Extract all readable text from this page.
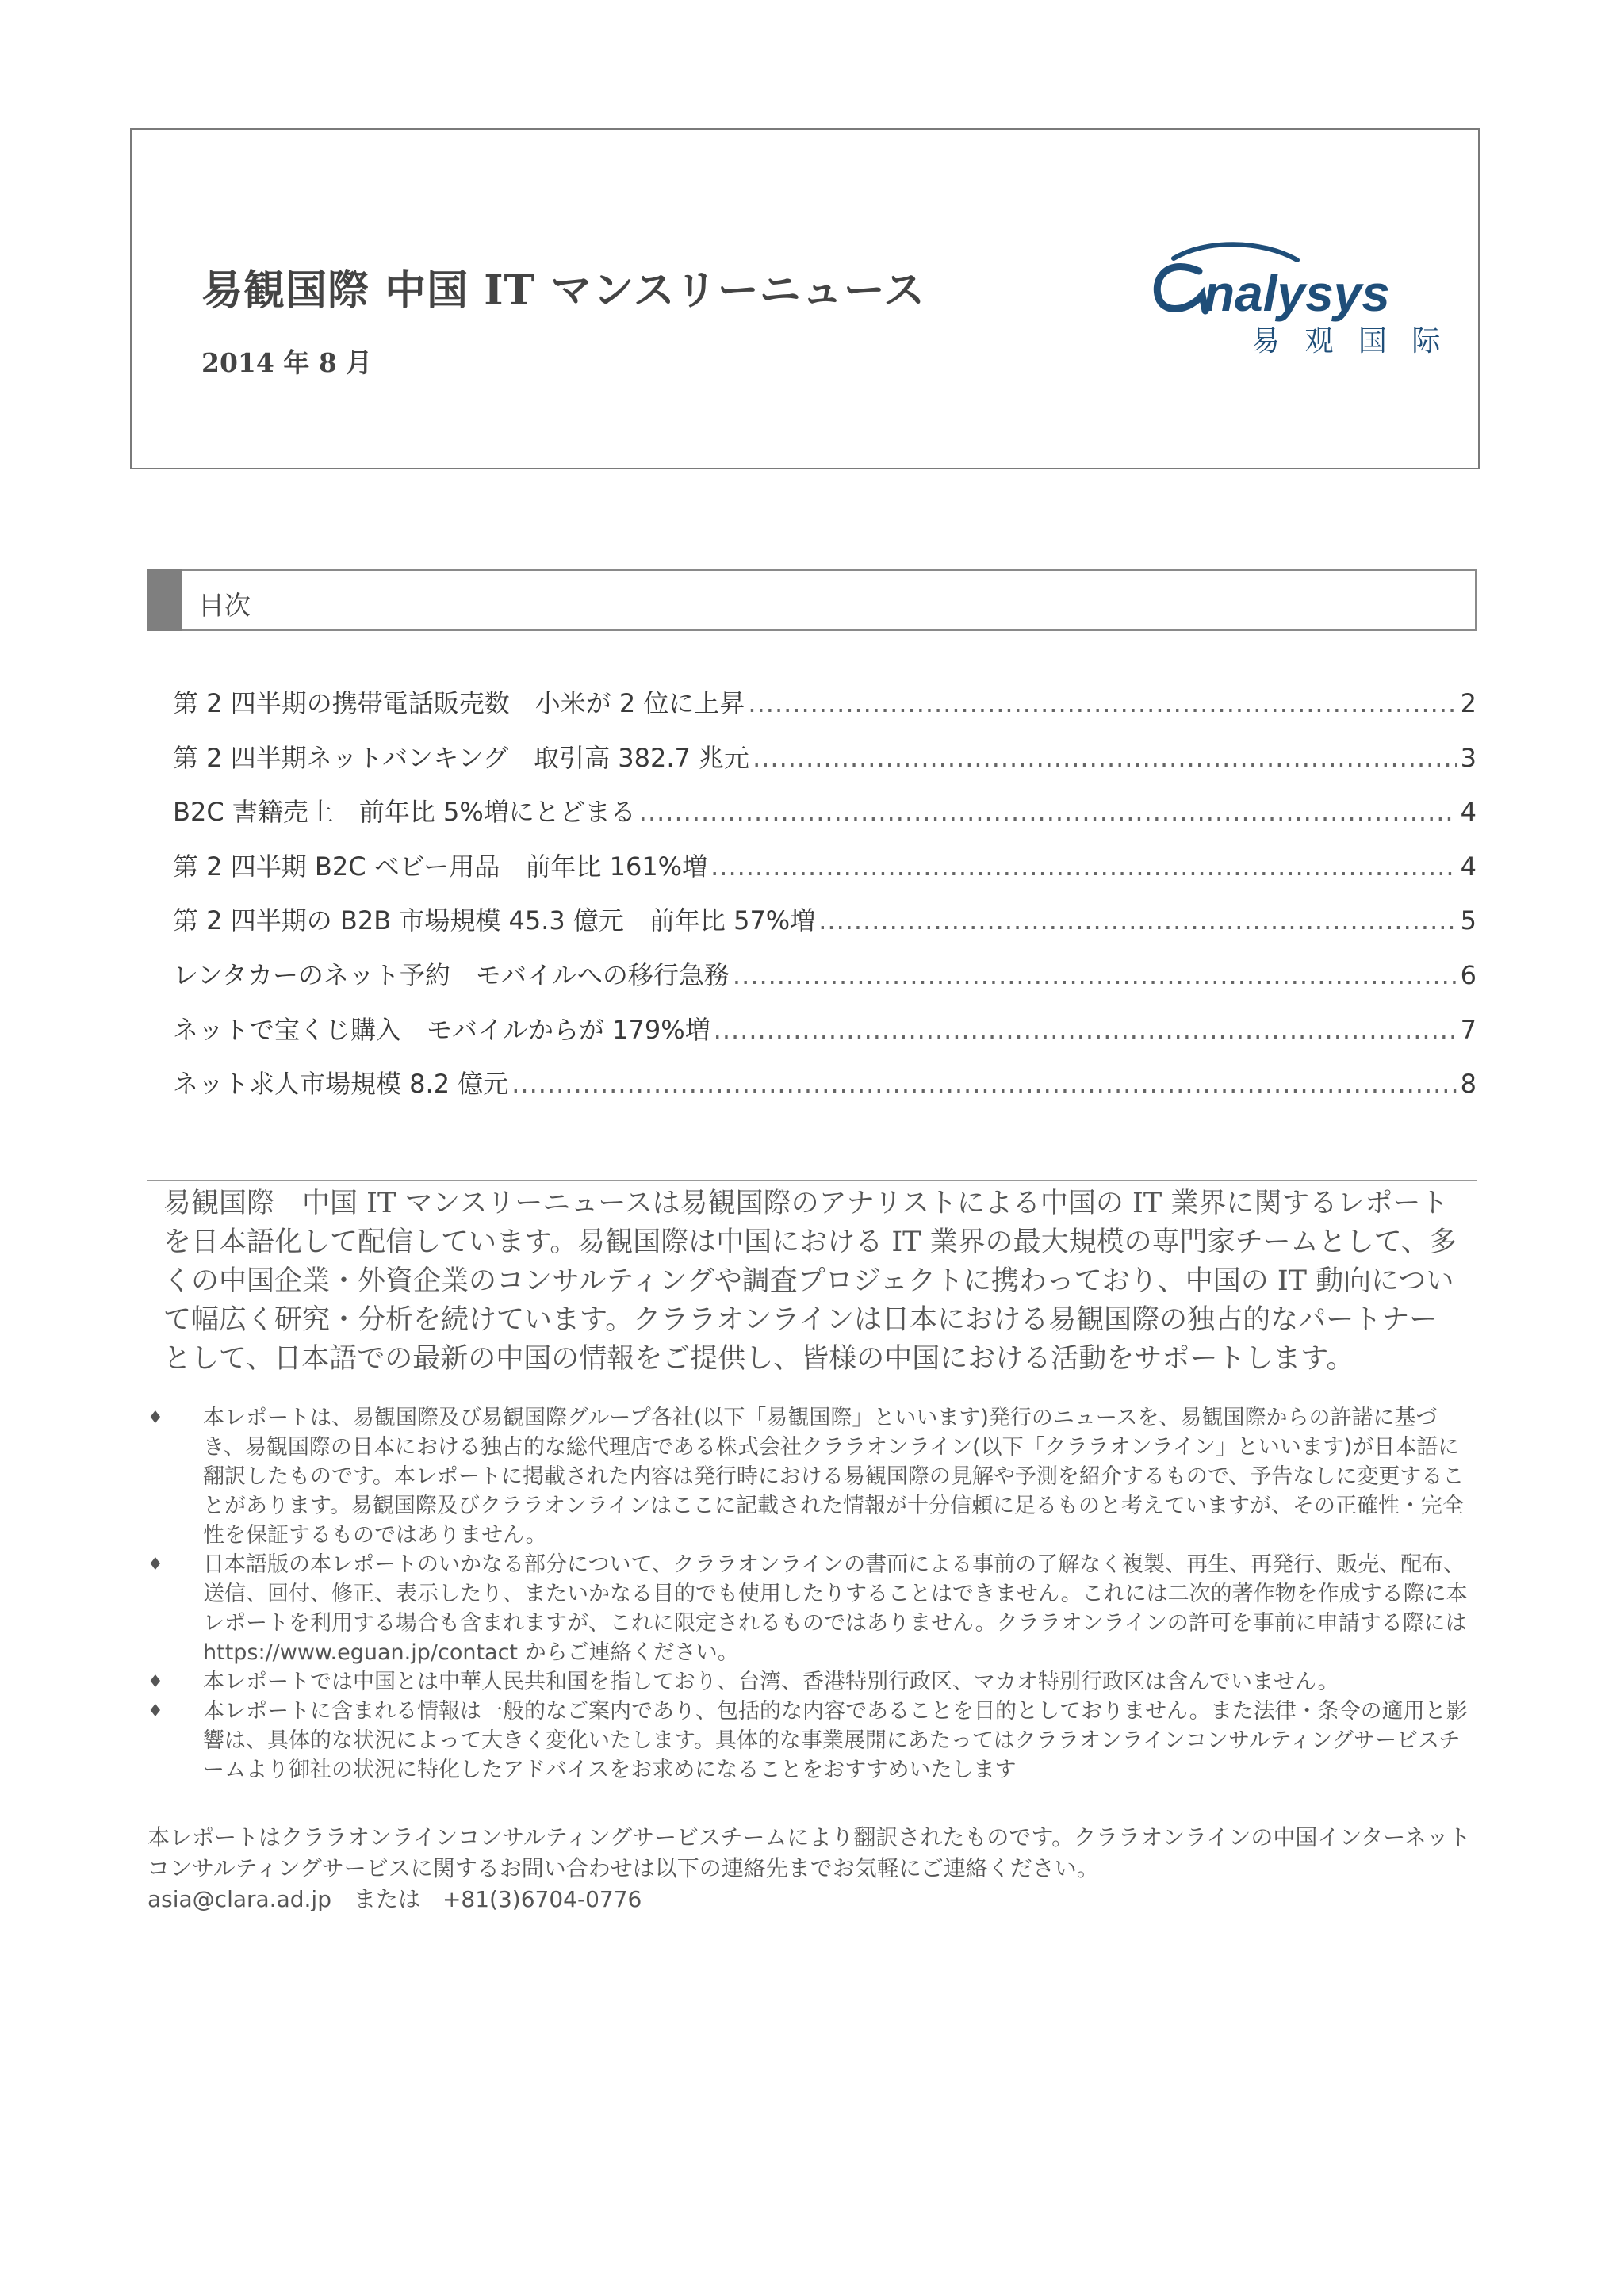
易観国際 中国 IT マンスリーニュース
2014 年 8 月
nalysys
易 观 国 际
目次
第 2 四半期の携帯電話販売数　小米が 2 位に上昇 .....	2
第 2 四半期ネットバンキング　取引高 382.7 兆元 .....	3
B2C 書籍売上　前年比 5%増にとどまる .....	4
第 2 四半期 B2C ベビー用品　前年比 161%増 .....	4
第 2 四半期の B2B 市場規模 45.3 億元　前年比 57%増 .....	5
レンタカーのネット予約　モバイルへの移行急務 .....	6
ネットで宝くじ購入　モバイルからが 179%増 .....	7
ネット求人市場規模 8.2 億元 .....	8

易観国際　中国 IT マンスリーニュースは易観国際のアナリストによる中国の IT 業界に関するレポートを日本語化して配信しています。易観国際は中国における IT 業界の最大規模の専門家チームとして、多くの中国企業・外資企業のコンサルティングや調査プロジェクトに携わっており、中国の IT 動向について幅広く研究・分析を続けています。クララオンラインは日本における易観国際の独占的なパートナーとして、日本語での最新の中国の情報をご提供し、皆様の中国における活動をサポートします。

♦ 本レポートは、易観国際及び易観国際グループ各社(以下「易観国際」といいます)発行のニュースを、易観国際からの許諾に基づき、易観国際の日本における独占的な総代理店である株式会社クララオンライン(以下「クララオンライン」といいます)が日本語に翻訳したものです。本レポートに掲載された内容は発行時における易観国際の見解や予測を紹介するもので、予告なしに変更することがあります。易観国際及びクララオンラインはここに記載された情報が十分信頼に足るものと考えていますが、その正確性・完全性を保証するものではありません。
♦ 日本語版の本レポートのいかなる部分について、クララオンラインの書面による事前の了解なく複製、再生、再発行、販売、配布、送信、回付、修正、表示したり、またいかなる目的でも使用したりすることはできません。これには二次的著作物を作成する際に本レポートを利用する場合も含まれますが、これに限定されるものではありません。クララオンラインの許可を事前に申請する際には https://www.eguan.jp/contact からご連絡ください。
♦ 本レポートでは中国とは中華人民共和国を指しており、台湾、香港特別行政区、マカオ特別行政区は含んでいません。
♦ 本レポートに含まれる情報は一般的なご案内であり、包括的な内容であることを目的としておりません。また法律・条令の適用と影響は、具体的な状況によって大きく変化いたします。具体的な事業展開にあたってはクララオンラインコンサルティングサービスチームより御社の状況に特化したアドバイスをお求めになることをおすすめいたします

本レポートはクララオンラインコンサルティングサービスチームにより翻訳されたものです。クララオンラインの中国インターネットコンサルティングサービスに関するお問い合わせは以下の連絡先までお気軽にご連絡ください。

asia@clara.ad.jp　または　+81(3)6704-0776
